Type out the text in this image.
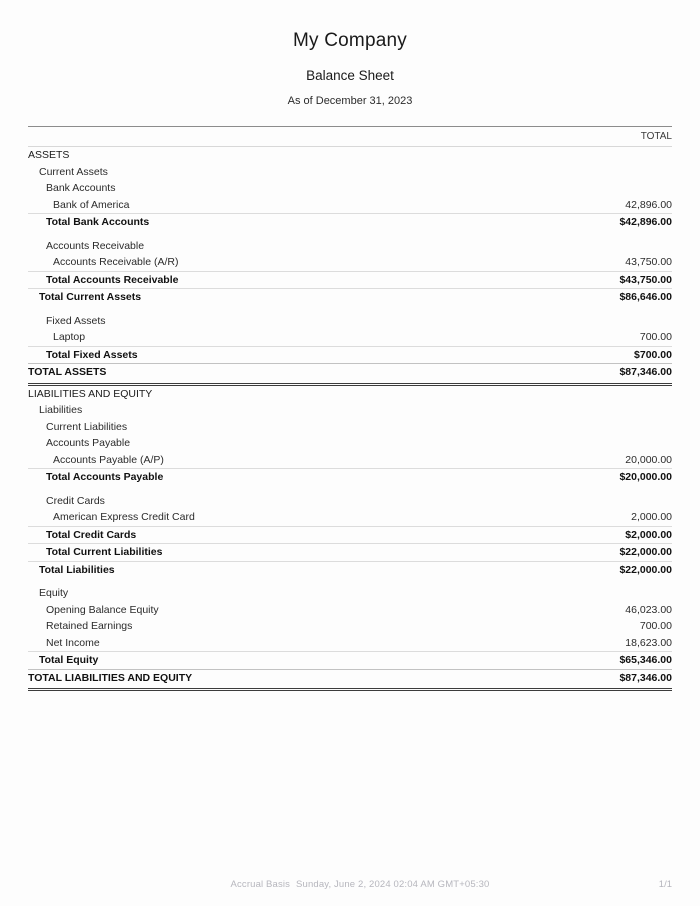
My Company
Balance Sheet
As of December 31, 2023
	TOTAL
ASSETS	
Current Assets	
Bank Accounts	
Bank of America	42,896.00
Total Bank Accounts	$42,896.00

Accounts Receivable	
Accounts Receivable (A/R)	43,750.00
Total Accounts Receivable	$43,750.00
Total Current Assets	$86,646.00

Fixed Assets	
Laptop	700.00
Total Fixed Assets	$700.00
TOTAL ASSETS	$87,346.00
LIABILITIES AND EQUITY	
Liabilities	
Current Liabilities	
Accounts Payable	
Accounts Payable (A/P)	20,000.00
Total Accounts Payable	$20,000.00

Credit Cards	
American Express Credit Card	2,000.00
Total Credit Cards	$2,000.00
Total Current Liabilities	$22,000.00
Total Liabilities	$22,000.00

Equity	
Opening Balance Equity	46,023.00
Retained Earnings	700.00
Net Income	18,623.00
Total Equity	$65,346.00
TOTAL LIABILITIES AND EQUITY	$87,346.00
Accrual Basis Sunday, June 2, 2024 02:04 AM GMT+05:30	1/1
